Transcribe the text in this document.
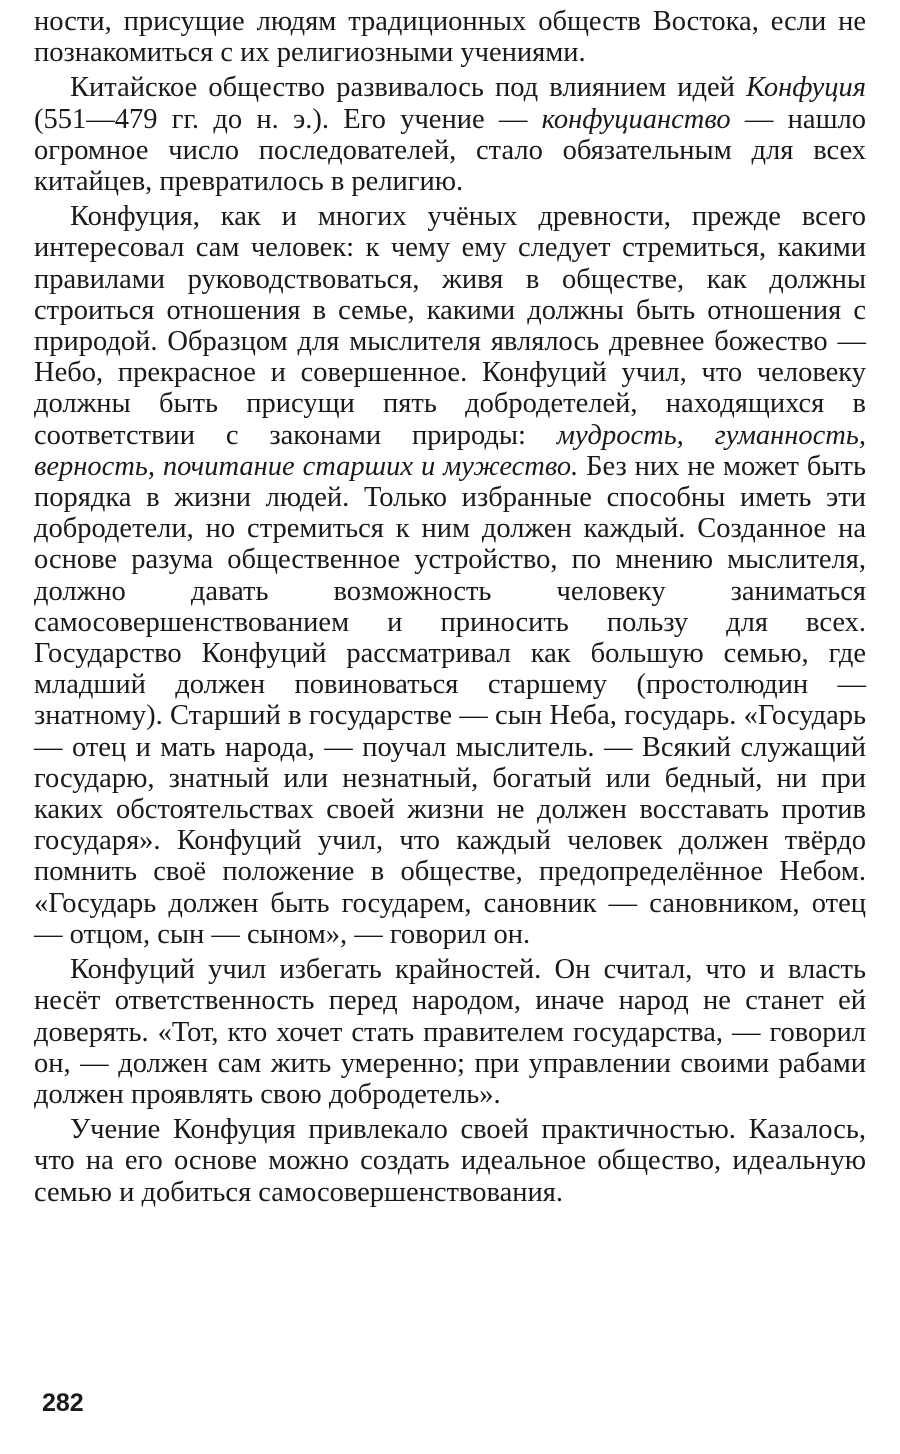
ности, присущие людям традиционных обществ Востока, если не познакомиться с их религиозными учениями.

Китайское общество развивалось под влиянием идей Конфуция (551—479 гг. до н. э.). Его учение — конфуцианство — нашло огромное число последователей, стало обязательным для всех китайцев, превратилось в религию.

Конфуция, как и многих учёных древности, прежде всего интересовал сам человек: к чему ему следует стремиться, какими правилами руководствоваться, живя в обществе, как должны строиться отношения в семье, какими должны быть отношения с природой. Образцом для мыслителя являлось древнее божество — Небо, прекрасное и совершенное. Конфуций учил, что человеку должны быть присущи пять добродетелей, находящихся в соответствии с законами природы: мудрость, гуманность, верность, почитание старших и мужество. Без них не может быть порядка в жизни людей. Только избранные способны иметь эти добродетели, но стремиться к ним должен каждый. Созданное на основе разума общественное устройство, по мнению мыслителя, должно давать возможность человеку заниматься самосовершенствованием и приносить пользу для всех. Государство Конфуций рассматривал как большую семью, где младший должен повиноваться старшему (простолюдин — знатному). Старший в государстве — сын Неба, государь. «Государь — отец и мать народа, — поучал мыслитель. — Всякий служащий государю, знатный или незнатный, богатый или бедный, ни при каких обстоятельствах своей жизни не должен восставать против государя». Конфуций учил, что каждый человек должен твёрдо помнить своё положение в обществе, предопределённое Небом. «Государь должен быть государем, сановник — сановником, отец — отцом, сын — сыном», — говорил он.

Конфуций учил избегать крайностей. Он считал, что и власть несёт ответственность перед народом, иначе народ не станет ей доверять. «Тот, кто хочет стать правителем государства, — говорил он, — должен сам жить умеренно; при управлении своими рабами должен проявлять свою добродетель».

Учение Конфуция привлекало своей практичностью. Казалось, что на его основе можно создать идеальное общество, идеальную семью и добиться самосовершенствования.

282
